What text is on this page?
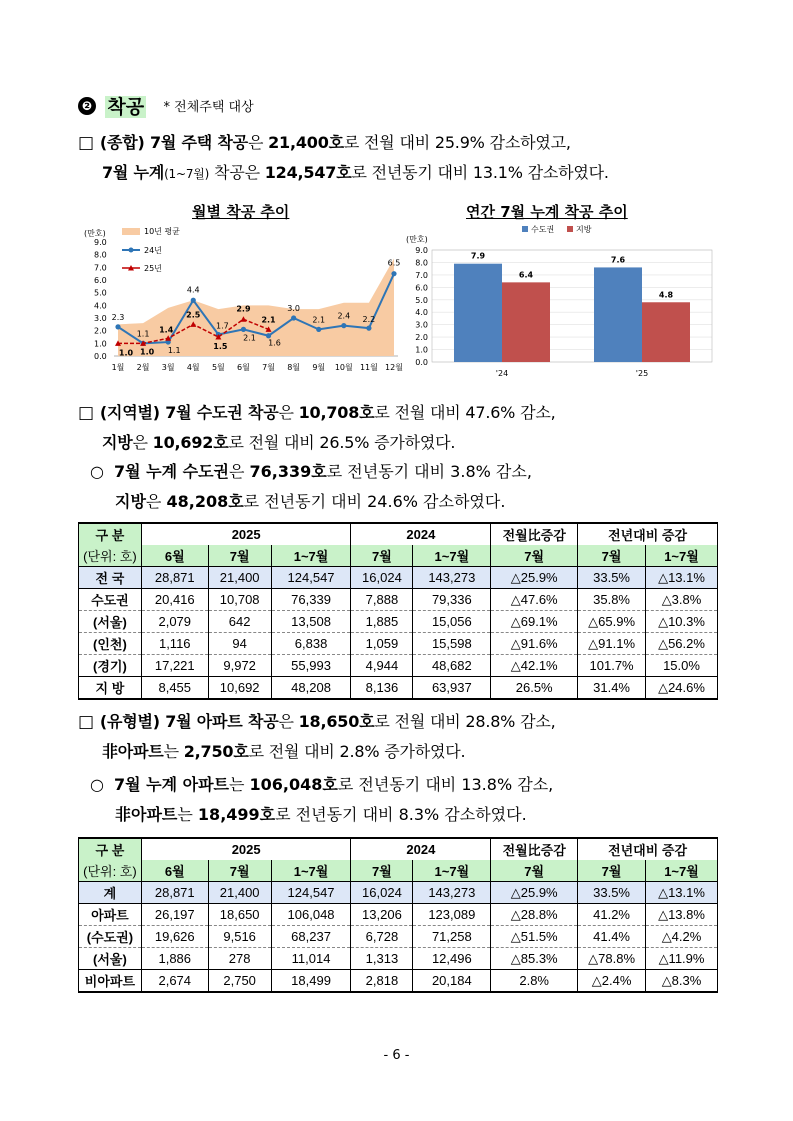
❷ 착공 * 전체주택 대상
□ (종합) 7월 주택 착공은 21,400호로 전월 대비 25.9% 감소하였고,
7월 누계(1~7월) 착공은 124,547호로 전년동기 대비 13.1% 감소하였다.
월별 착공 추이	연간 7월 누계 착공 추이
(만호)
0.0
1.0
2.0
3.0
4.0
5.0
6.0
7.0
8.0
9.0
1월 2월 3월 4월 5월 6월 7월 8월 9월 10월 11월 12월
2.3
1.1
1.1
4.4
1.7
2.1
1.6
3.0
2.1 2.4 2.2
6.5
1.0 1.0
1.4
2.5
1.5
2.9
2.1
10년 평균
24년
25년
(만호)
0.0
1.0
2.0
3.0
4.0
5.0
6.0
7.0
8.0
9.0
'24	'25
7.9
6.4
7.6
4.8
수도권	지방
□ (지역별) 7월 수도권 착공은 10,708호로 전월 대비 47.6% 감소,
지방은 10,692호로 전월 대비 26.5% 증가하였다.
○ 7월 누계 수도권은 76,339호로 전년동기 대비 3.8% 감소,
지방은 48,208호로 전년동기 대비 24.6% 감소하였다.
구 분	2025			2024		전월比증감	전년대비 증감	
(단위: 호)	6월	7월	1~7월	7월	1~7월	7월	7월	1~7월
전 국	28,871	21,400	124,547	16,024	143,273	△25.9%	33.5%	△13.1%
수도권	20,416	10,708	76,339	7,888	79,336	△47.6%	35.8%	△3.8%
(서울)	2,079	642	13,508	1,885	15,056	△69.1%	△65.9%	△10.3%
(인천)	1,116	94	6,838	1,059	15,598	△91.6%	△91.1%	△56.2%
(경기)	17,221	9,972	55,993	4,944	48,682	△42.1%	101.7%	15.0%
지 방	8,455	10,692	48,208	8,136	63,937	26.5%	31.4%	△24.6%
□ (유형별) 7월 아파트 착공은 18,650호로 전월 대비 28.8% 감소,
非아파트는 2,750호로 전월 대비 2.8% 증가하였다.
○ 7월 누계 아파트는 106,048호로 전년동기 대비 13.8% 감소,
非아파트는 18,499호로 전년동기 대비 8.3% 감소하였다.
구 분	2025			2024		전월比증감	전년대비 증감	
(단위: 호)	6월	7월	1~7월	7월	1~7월	7월	7월	1~7월
계	28,871	21,400	124,547	16,024	143,273	△25.9%	33.5%	△13.1%
아파트	26,197	18,650	106,048	13,206	123,089	△28.8%	41.2%	△13.8%
(수도권)	19,626	9,516	68,237	6,728	71,258	△51.5%	41.4%	△4.2%
(서울)	1,886	278	11,014	1,313	12,496	△85.3%	△78.8%	△11.9%
비아파트	2,674	2,750	18,499	2,818	20,184	2.8%	△2.4%	△8.3%
- 6 -
